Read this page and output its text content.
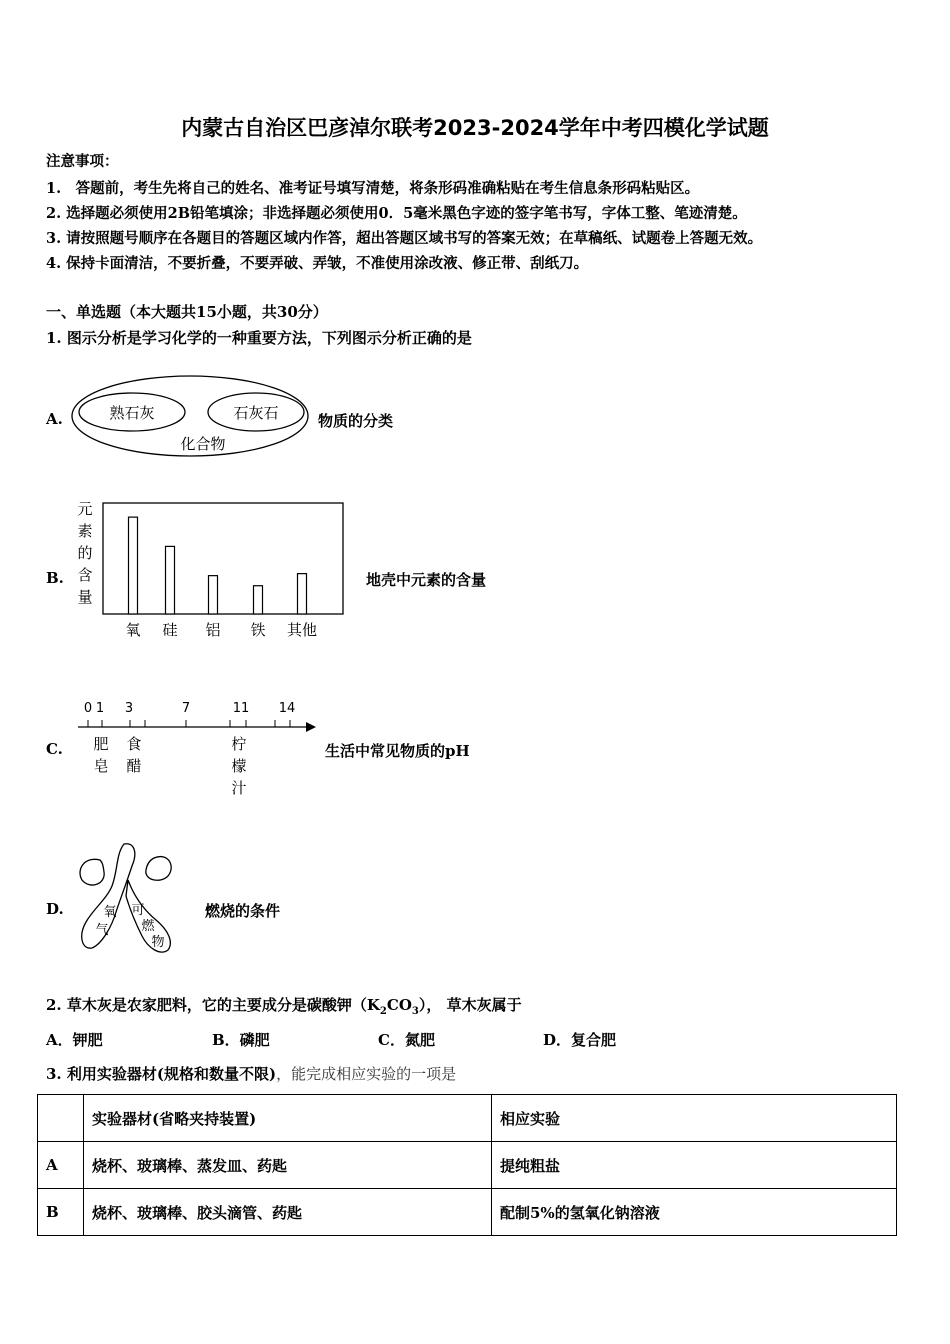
内蒙古自治区巴彦淖尔联考2023-2024学年中考四模化学试题
注意事项：
1.　答题前，考生先将自己的姓名、准考证号填写清楚，将条形码准确粘贴在考生信息条形码粘贴区。
2. 选择题必须使用2B铅笔填涂；非选择题必须使用0．5毫米黑色字迹的签字笔书写，字体工整、笔迹清楚。
3. 请按照题号顺序在各题目的答题区域内作答，超出答题区域书写的答案无效；在草稿纸、试题卷上答题无效。
4. 保持卡面清洁，不要折叠，不要弄破、弄皱，不准使用涂改液、修正带、刮纸刀。
一、单选题（本大题共15小题，共30分）
1. 图示分析是学习化学的一种重要方法，下列图示分析正确的是
A.	熟石灰	石灰石
化合物
物质的分类
B.
元
素
的
含
量
氧 硅 铝 铁 其他
地壳中元素的含量
C.
0 1 3	7	11 14
肥
皂
食
醋
柠
檬
汁
生活中常见物质的pH
D.	氧
气
可
燃
物
燃烧的条件
2. 草木灰是农家肥料，它的主要成分是碳酸钾$(K_2CO_3)$， 草木灰属于
A．钾肥	B．磷肥	C．氮肥	D．复合肥
3. 利用实验器材(规格和数量不限)，能完成相应实验的一项是
	实验器材(省略夹持装置)	相应实验
A	烧杯、玻璃棒、蒸发皿、药匙	提纯粗盐
B	烧杯、玻璃棒、胶头滴管、药匙	配制5%的氢氧化钠溶液
